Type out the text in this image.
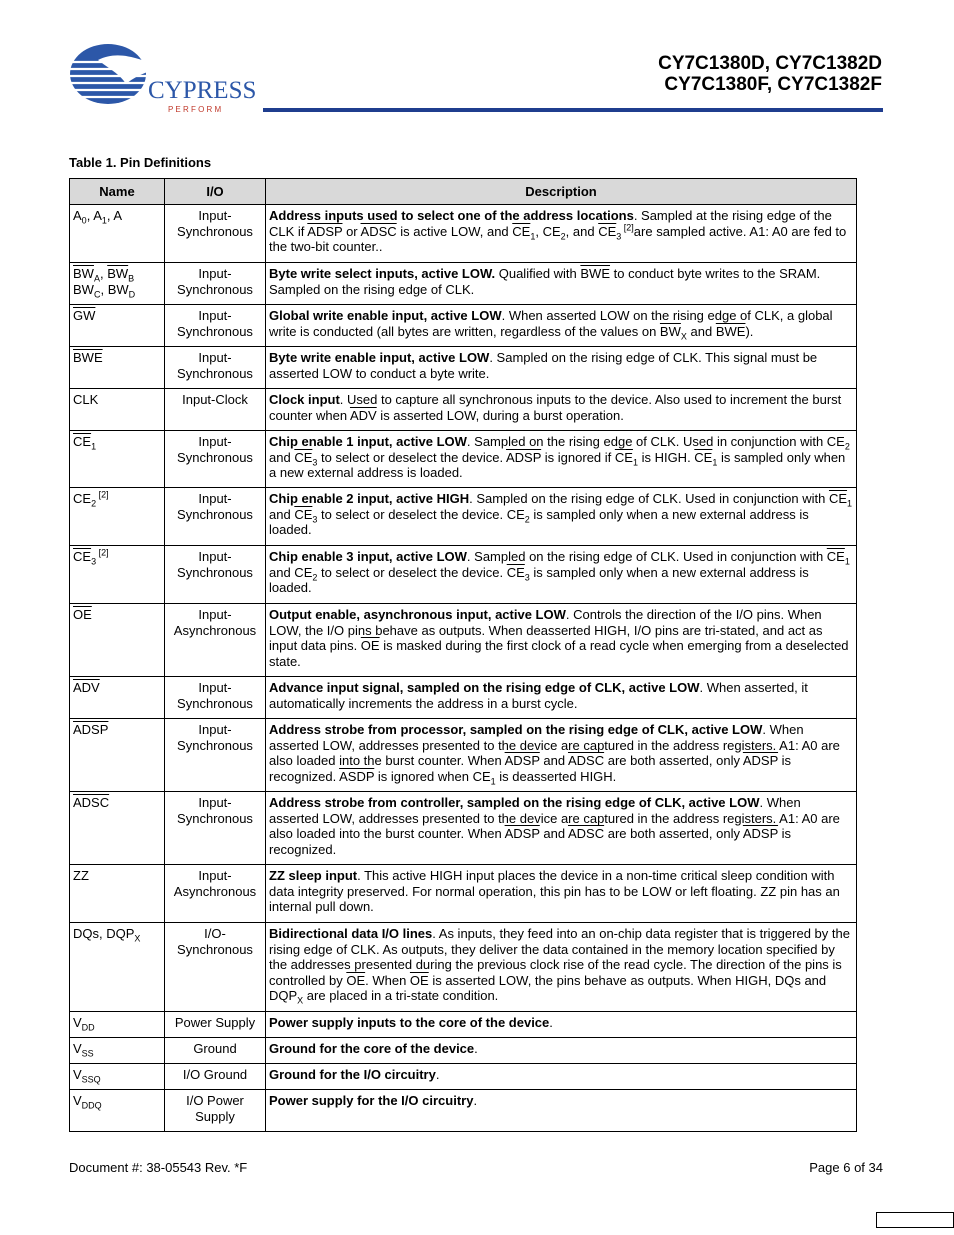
CYPRESS
P E R F O R M
CY7C1380D, CY7C1382D
CY7C1380F, CY7C1382F
Table 1. Pin Definitions
Name	I/O	Description
$A_0$, $A_1$, A	Input-Synchronous	Address inputs used to select one of the address locations. Sampled at the rising edge of the CLK if ADSP or ADSC is active LOW, and $\overline{CE}_1$, $CE_2$, and $\overline{CE}_3$ [2]are sampled active. A1: A0 are fed to the two-bit counter..
$\overline{BW}_A$, $\overline{BW}_B$
$BW_C$, $BW_D$	Input-Synchronous	Byte write select inputs, active LOW. Qualified with $\overline{BWE}$ to conduct byte writes to the SRAM. Sampled on the rising edge of CLK.
$\overline{GW}$	Input-Synchronous	Global write enable input, active LOW. When asserted LOW on the rising edge of CLK, a global write is conducted (all bytes are written, regardless of the values on $\overline{BW}_X$ and $\overline{BWE}$).
$\overline{BWE}$	Input-Synchronous	Byte write enable input, active LOW. Sampled on the rising edge of CLK. This signal must be asserted LOW to conduct a byte write.
CLK	Input-Clock	Clock input. Used to capture all synchronous inputs to the device. Also used to increment the burst counter when $\overline{ADV}$ is asserted LOW, during a burst operation.
$\overline{CE}_1$	Input-Synchronous	Chip enable 1 input, active LOW. Sampled on the rising edge of CLK. Used in conjunction with $CE_2$ and $\overline{CE}_3$ to select or deselect the device. ADSP is ignored if $\overline{CE}_1$ is HIGH. $\overline{CE}_1$ is sampled only when a new external address is loaded.
$CE_2$ [2]	Input-Synchronous	Chip enable 2 input, active HIGH. Sampled on the rising edge of CLK. Used in conjunction with $\overline{CE}_1$ and $\overline{CE}_3$ to select or deselect the device. $CE_2$ is sampled only when a new external address is loaded.
$\overline{CE}_3$ [2]	Input-Synchronous	Chip enable 3 input, active LOW. Sampled on the rising edge of CLK. Used in conjunction with $\overline{CE}_1$ and $CE_2$ to select or deselect the device. $\overline{CE}_3$ is sampled only when a new external address is loaded.
$\overline{OE}$	Input-Asynchronous	Output enable, asynchronous input, active LOW. Controls the direction of the I/O pins. When LOW, the I/O pins behave as outputs. When deasserted HIGH, I/O pins are tri-stated, and act as input data pins. $\overline{OE}$ is masked during the first clock of a read cycle when emerging from a deselected state.
$\overline{ADV}$	Input-Synchronous	Advance input signal, sampled on the rising edge of CLK, active LOW. When asserted, it automatically increments the address in a burst cycle.
ADSP	Input-Synchronous	Address strobe from processor, sampled on the rising edge of CLK, active LOW. When asserted LOW, addresses presented to the device are captured in the address registers. A1: A0 are also loaded into the burst counter. When ADSP and ADSC are both asserted, only ADSP is recognized. ASDP is ignored when $CE_1$ is deasserted HIGH.
ADSC	Input-Synchronous	Address strobe from controller, sampled on the rising edge of CLK, active LOW. When asserted LOW, addresses presented to the device are captured in the address registers. A1: A0 are also loaded into the burst counter. When ADSP and ADSC are both asserted, only ADSP is recognized.
ZZ	Input-Asynchronous	ZZ sleep input. This active HIGH input places the device in a non-time critical sleep condition with data integrity preserved. For normal operation, this pin has to be LOW or left floating. ZZ pin has an internal pull down.
DQs, $DQP_X$	I/O-Synchronous	Bidirectional data I/O lines. As inputs, they feed into an on-chip data register that is triggered by the rising edge of CLK. As outputs, they deliver the data contained in the memory location specified by the addresses presented during the previous clock rise of the read cycle. The direction of the pins is controlled by $\overline{OE}$. When $\overline{OE}$ is asserted LOW, the pins behave as outputs. When HIGH, DQs and $DQP_X$ are placed in a tri-state condition.
$V_{DD}$	Power Supply	Power supply inputs to the core of the device.
$V_{SS}$	Ground	Ground for the core of the device.
$V_{SSQ}$	I/O Ground	Ground for the I/O circuitry.
$V_{DDQ}$	I/O Power Supply	Power supply for the I/O circuitry.
Document #: 38-05543 Rev. *F	Page 6 of 34
